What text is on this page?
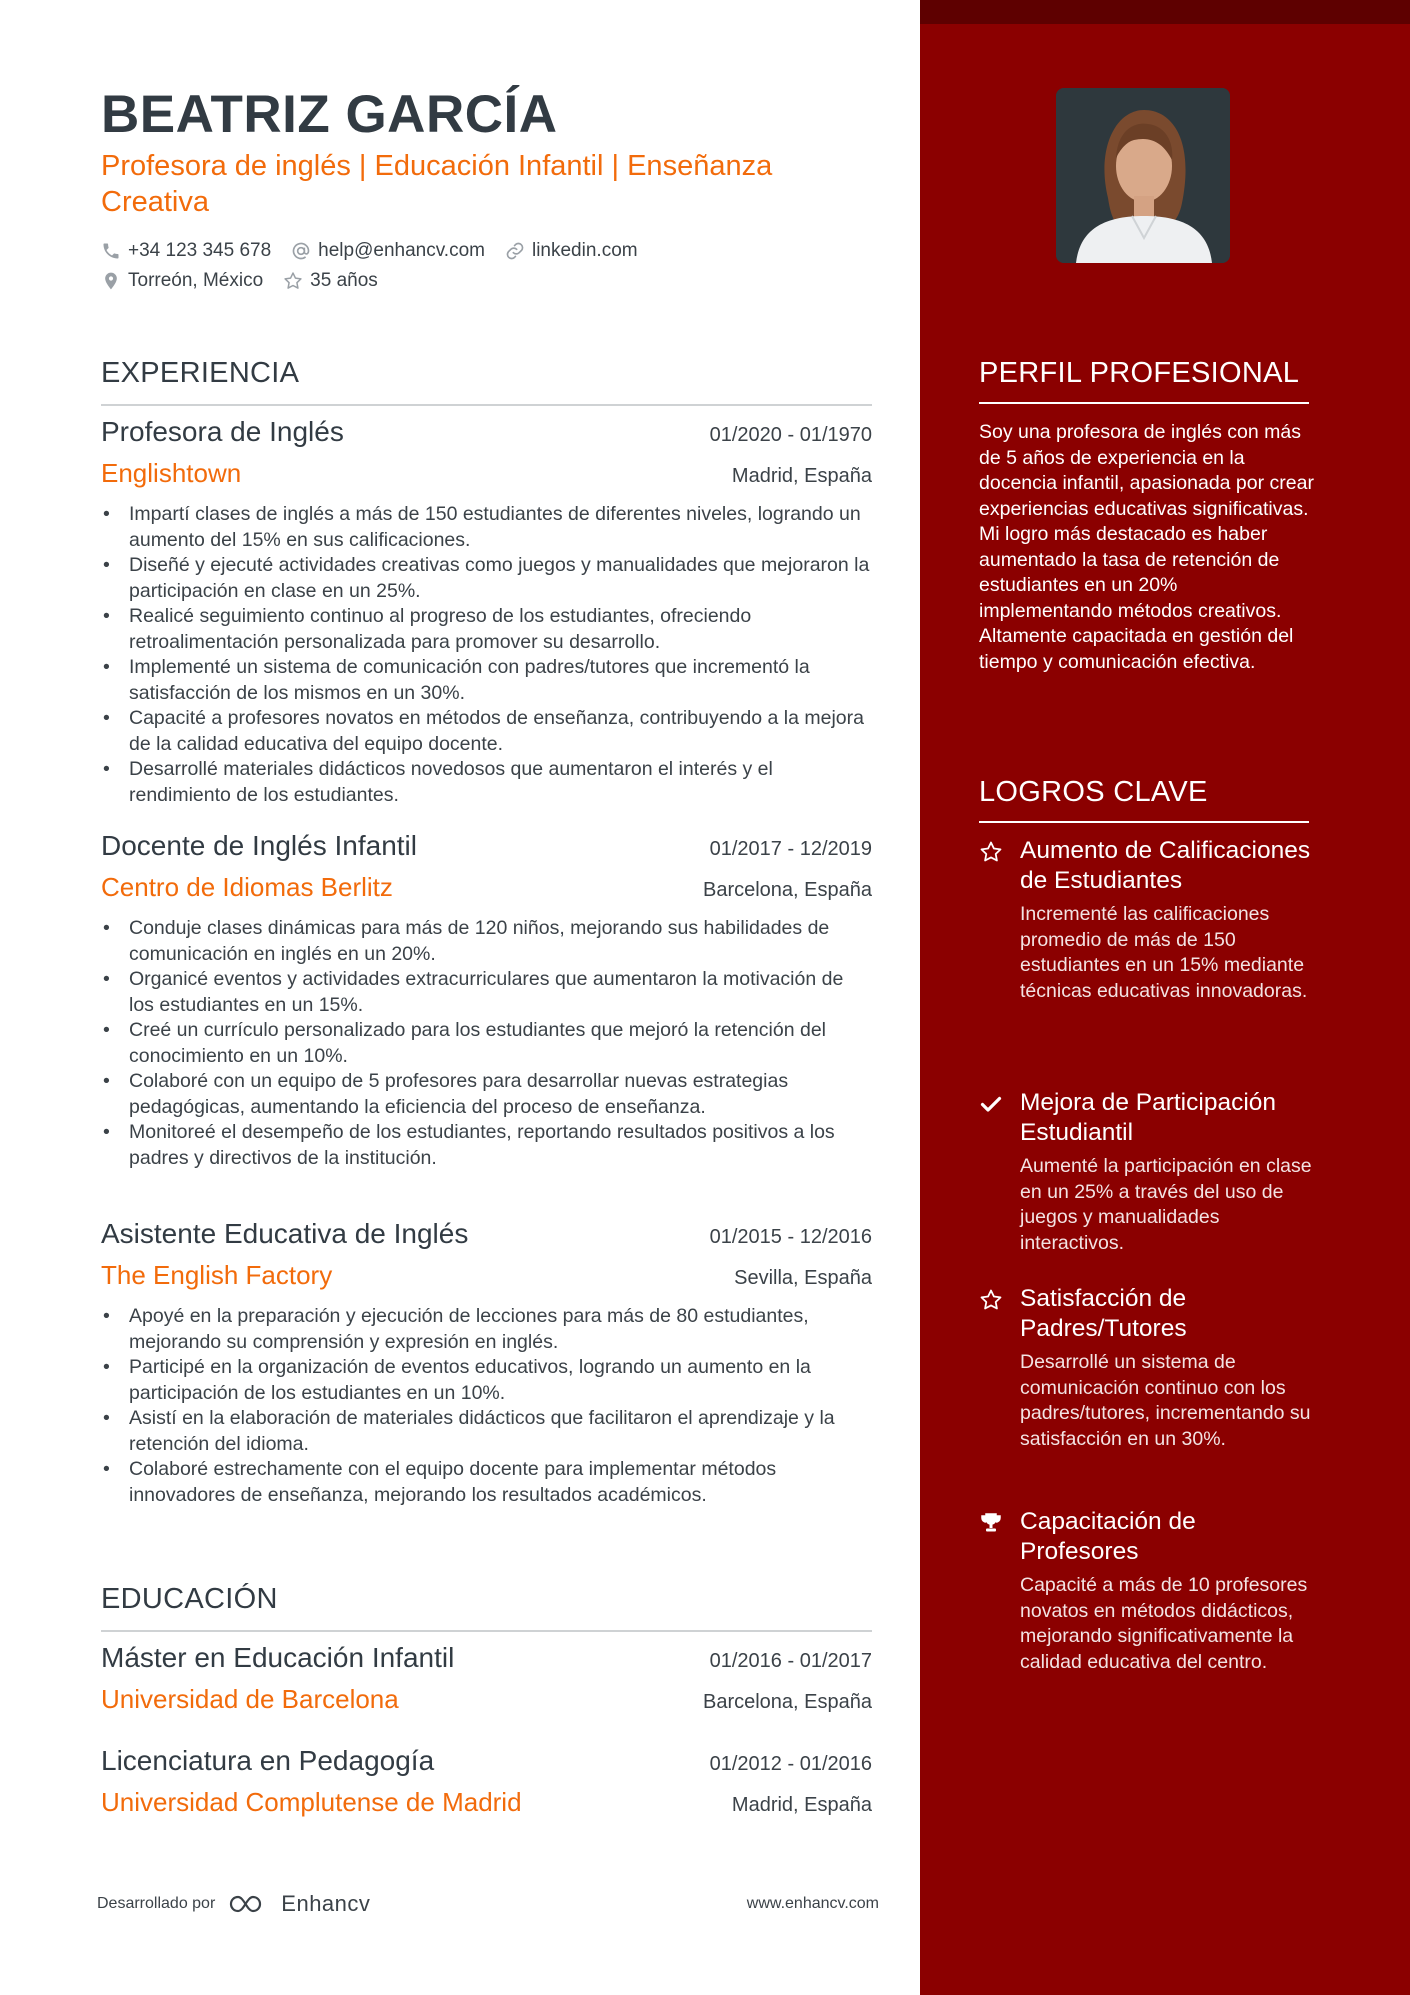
BEATRIZ GARCÍA
Profesora de inglés | Educación Infantil | Enseñanza Creativa
+34 123 345 678 help@enhancv.com linkedin.com
Torreón, México 35 años
EXPERIENCIA
Profesora de Inglés	01/2020 - 01/1970
Englishtown	Madrid, España
• Impartí clases de inglés a más de 150 estudiantes de diferentes niveles, logrando un aumento del 15% en sus calificaciones.
• Diseñé y ejecuté actividades creativas como juegos y manualidades que mejoraron la participación en clase en un 25%.
• Realicé seguimiento continuo al progreso de los estudiantes, ofreciendo retroalimentación personalizada para promover su desarrollo.
• Implementé un sistema de comunicación con padres/tutores que incrementó la satisfacción de los mismos en un 30%.
• Capacité a profesores novatos en métodos de enseñanza, contribuyendo a la mejora de la calidad educativa del equipo docente.
• Desarrollé materiales didácticos novedosos que aumentaron el interés y el rendimiento de los estudiantes.
Docente de Inglés Infantil	01/2017 - 12/2019
Centro de Idiomas Berlitz	Barcelona, España
• Conduje clases dinámicas para más de 120 niños, mejorando sus habilidades de comunicación en inglés en un 20%.
• Organicé eventos y actividades extracurriculares que aumentaron la motivación de los estudiantes en un 15%.
• Creé un currículo personalizado para los estudiantes que mejoró la retención del conocimiento en un 10%.
• Colaboré con un equipo de 5 profesores para desarrollar nuevas estrategias pedagógicas, aumentando la eficiencia del proceso de enseñanza.
• Monitoreé el desempeño de los estudiantes, reportando resultados positivos a los padres y directivos de la institución.
Asistente Educativa de Inglés	01/2015 - 12/2016
The English Factory	Sevilla, España
• Apoyé en la preparación y ejecución de lecciones para más de 80 estudiantes, mejorando su comprensión y expresión en inglés.
• Participé en la organización de eventos educativos, logrando un aumento en la participación de los estudiantes en un 10%.
• Asistí en la elaboración de materiales didácticos que facilitaron el aprendizaje y la retención del idioma.
• Colaboré estrechamente con el equipo docente para implementar métodos innovadores de enseñanza, mejorando los resultados académicos.
EDUCACIÓN
Máster en Educación Infantil	01/2016 - 01/2017
Universidad de Barcelona	Barcelona, España
Licenciatura en Pedagogía	01/2012 - 01/2016
Universidad Complutense de Madrid	Madrid, España
Desarrollado por	Enhancv	www.enhancv.com
PERFIL PROFESIONAL
Soy una profesora de inglés con más de 5 años de experiencia en la docencia infantil, apasionada por crear experiencias educativas significativas. Mi logro más destacado es haber aumentado la tasa de retención de estudiantes en un 20% implementando métodos creativos. Altamente capacitada en gestión del tiempo y comunicación efectiva.
LOGROS CLAVE
Aumento de Calificaciones de Estudiantes
Incrementé las calificaciones promedio de más de 150 estudiantes en un 15% mediante técnicas educativas innovadoras.
Mejora de Participación Estudiantil
Aumenté la participación en clase en un 25% a través del uso de juegos y manualidades interactivos.
Satisfacción de Padres/Tutores
Desarrollé un sistema de comunicación continuo con los padres/tutores, incrementando su satisfacción en un 30%.
Capacitación de Profesores
Capacité a más de 10 profesores novatos en métodos didácticos, mejorando significativamente la calidad educativa del centro.
